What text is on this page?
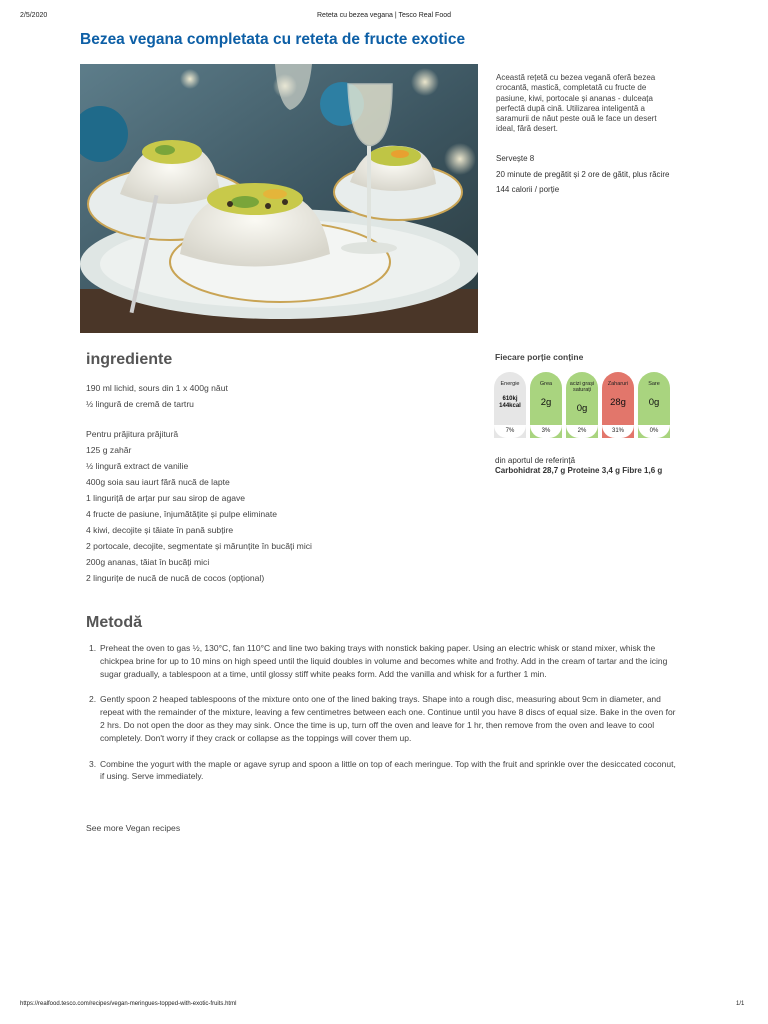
2/5/2020	Reteta cu bezea vegana | Tesco Real Food
Bezea vegana completata cu reteta de fructe exotice
Această rețetă cu bezea vegană oferă bezea crocantă, mastică, completată cu fructe de pasiune, kiwi, portocale și ananas - dulceața perfectă după cină. Utilizarea inteligentă a saramurii de năut peste ouă le face un desert ideal, fără desert.
Servește 8
20 minute de pregătit și 2 ore de gătit, plus răcire
144 calorii / porție
ingrediente
190 ml lichid, sours din 1 x 400g năut
½ lingură de cremă de tartru
Pentru prăjitura prăjitură
125 g zahăr
½ lingură extract de vanilie
400g soia sau iaurt fără nucă de lapte
1 linguriță de arțar pur sau sirop de agave
4 fructe de pasiune, înjumătățite și pulpe eliminate
4 kiwi, decojite și tăiate în pană subțire
2 portocale, decojite, segmentate și mărunțite în bucăți mici
200g ananas, tăiat în bucăți mici
2 lingurițe de nucă de nucă de cocos (opțional)
Fiecare porție conține
Energie
610kj 144kcal
7%
Grea
2g
3%
acizi grași saturați
0g
2%
Zaharuri
28g
31%
Sare
0g
0%
din aportul de referință
Carbohidrat 28,7 g Proteine 3,4 g Fibre 1,6 g
Metodă
1. Preheat the oven to gas ½, 130°C, fan 110°C and line two baking trays with nonstick baking paper. Using an electric whisk or stand mixer, whisk the chickpea brine for up to 10 mins on high speed until the liquid doubles in volume and becomes white and frothy. Add in the cream of tartar and the icing sugar gradually, a tablespoon at a time, until glossy stiff white peaks form. Add the vanilla and whisk for a further 1 min.
2. Gently spoon 2 heaped tablespoons of the mixture onto one of the lined baking trays. Shape into a rough disc, measuring about 9cm in diameter, and repeat with the remainder of the mixture, leaving a few centimetres between each one. Continue until you have 8 discs of equal size. Bake in the oven for 2 hrs. Do not open the door as they may sink. Once the time is up, turn off the oven and leave for 1 hr, then remove from the oven and leave to cool completely. Don't worry if they crack or collapse as the toppings will cover them up.
3. Combine the yogurt with the maple or agave syrup and spoon a little on top of each meringue. Top with the fruit and sprinkle over the desiccated coconut, if using. Serve immediately.
See more Vegan recipes
https://realfood.tesco.com/recipes/vegan-meringues-topped-with-exotic-fruits.html	1/1
